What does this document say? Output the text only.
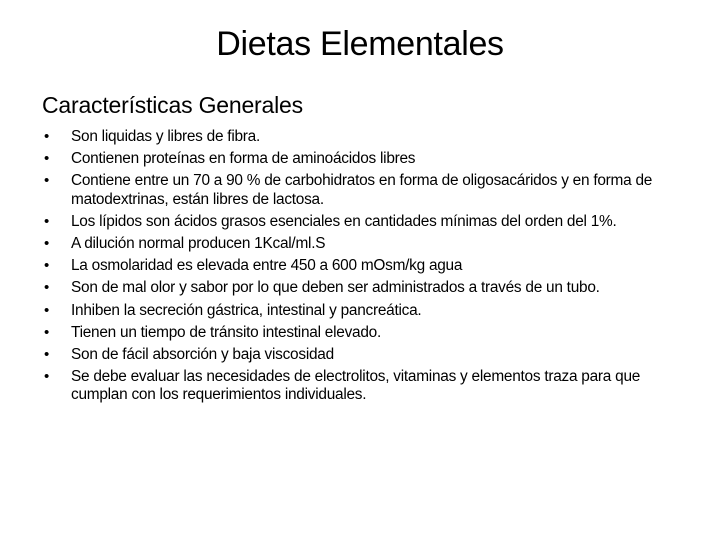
Dietas Elementales
Características Generales
• Son liquidas y libres de fibra.
• Contienen proteínas en forma de aminoácidos libres
• Contiene entre un 70 a 90 % de carbohidratos en forma de oligosacáridos y en forma de matodextrinas, están libres de lactosa.
• Los lípidos son ácidos grasos esenciales en cantidades mínimas del orden del 1%.
• A dilución normal producen 1Kcal/ml.S
• La osmolaridad es elevada entre 450 a 600 mOsm/kg agua
• Son de mal olor y sabor por lo que deben ser administrados a través de un tubo.
• Inhiben la secreción gástrica, intestinal y pancreática.
• Tienen un tiempo de tránsito intestinal elevado.
• Son de fácil absorción y baja viscosidad
• Se debe evaluar las necesidades de electrolitos, vitaminas y elementos traza para que cumplan con los requerimientos individuales.
